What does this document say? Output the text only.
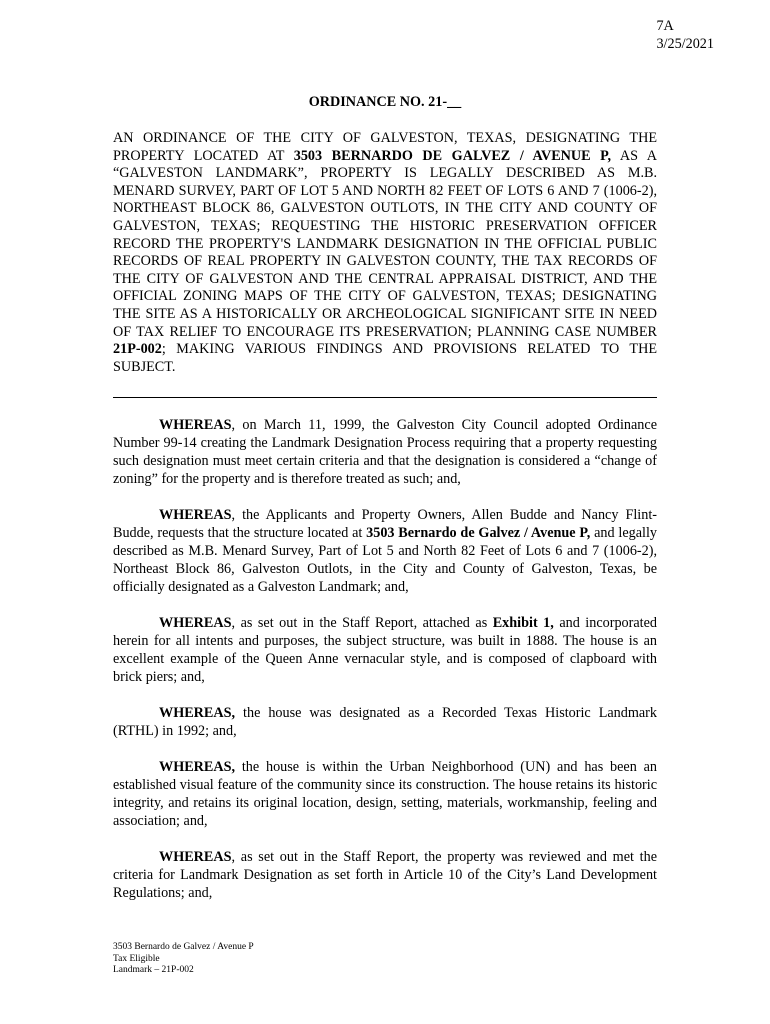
7A
3/25/2021
ORDINANCE NO. 21-__
AN ORDINANCE OF THE CITY OF GALVESTON, TEXAS, DESIGNATING THE PROPERTY LOCATED AT 3503 BERNARDO DE GALVEZ / AVENUE P, AS A “GALVESTON LANDMARK”, PROPERTY IS LEGALLY DESCRIBED AS M.B. MENARD SURVEY, PART OF LOT 5 AND NORTH 82 FEET OF LOTS 6 AND 7 (1006-2), NORTHEAST BLOCK 86, GALVESTON OUTLOTS, IN THE CITY AND COUNTY OF GALVESTON, TEXAS; REQUESTING THE HISTORIC PRESERVATION OFFICER RECORD THE PROPERTY'S LANDMARK DESIGNATION IN THE OFFICIAL PUBLIC RECORDS OF REAL PROPERTY IN GALVESTON COUNTY, THE TAX RECORDS OF THE CITY OF GALVESTON AND THE CENTRAL APPRAISAL DISTRICT, AND THE OFFICIAL ZONING MAPS OF THE CITY OF GALVESTON, TEXAS; DESIGNATING THE SITE AS A HISTORICALLY OR ARCHEOLOGICAL SIGNIFICANT SITE IN NEED OF TAX RELIEF TO ENCOURAGE ITS PRESERVATION; PLANNING CASE NUMBER 21P-002; MAKING VARIOUS FINDINGS AND PROVISIONS RELATED TO THE SUBJECT.

WHEREAS, on March 11, 1999, the Galveston City Council adopted Ordinance Number 99-14 creating the Landmark Designation Process requiring that a property requesting such designation must meet certain criteria and that the designation is considered a “change of zoning” for the property and is therefore treated as such; and,

WHEREAS, the Applicants and Property Owners, Allen Budde and Nancy Flint-Budde, requests that the structure located at 3503 Bernardo de Galvez / Avenue P, and legally described as M.B. Menard Survey, Part of Lot 5 and North 82 Feet of Lots 6 and 7 (1006-2), Northeast Block 86, Galveston Outlots, in the City and County of Galveston, Texas, be officially designated as a Galveston Landmark; and,

WHEREAS, as set out in the Staff Report, attached as Exhibit 1, and incorporated herein for all intents and purposes, the subject structure, was built in 1888. The house is an excellent example of the Queen Anne vernacular style, and is composed of clapboard with brick piers; and,

WHEREAS, the house was designated as a Recorded Texas Historic Landmark (RTHL) in 1992; and,

WHEREAS, the house is within the Urban Neighborhood (UN) and has been an established visual feature of the community since its construction. The house retains its historic integrity, and retains its original location, design, setting, materials, workmanship, feeling and association; and,

WHEREAS, as set out in the Staff Report, the property was reviewed and met the criteria for Landmark Designation as set forth in Article 10 of the City’s Land Development Regulations; and,

3503 Bernardo de Galvez / Avenue P
Tax Eligible
Landmark – 21P-002
